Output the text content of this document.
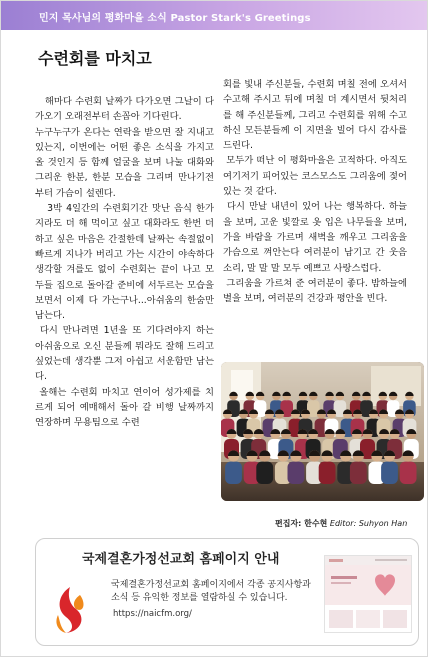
민지 목사님의 평화마을 소식 Pastor Stark's Greetings
수련회를 마치고

해마다 수련회 날짜가 다가오면 그날이 다가오기 오래전부터 손꼽아 기다린다.

누구누구가 온다는 연락을 받으면 잘 지내고 있는지, 이번에는 어떤 좋은 소식을 가지고 올 것인지 등 함께 얼굴을 보며 나눌 대화와 그리운 한분, 한분 모습을 그리며 만나기전부터 가슴이 설렌다.

3박 4일간의 수련회기간 맛난 음식 한가지라도 더 해 먹이고 싶고 대화라도 한번 더하고 싶은 마음은 간절한데 날짜는 속절없이 빠르게 지나가 버리고 가는 시간이 야속하다 생각할 겨를도 없이 수련회는 끝이 나고 모두들 집으로 돌아갈 준비에 서두르는 모습을 보면서 이제 다 가는구나...아쉬움의 한숨만 남는다.

다시 만나려면 1년을 또 기다려야지 하는 아쉬움으로 오신 분들께 뭐라도 잘해 드리고 싶었는데 생각뿐 그저 아쉽고 서운함만 남는다.

올해는 수련회 마치고 연이어 성가제를 치르게 되어 예매해서 돌아 갈 비행 날짜까지 연장하며 무용팀으로 수련

회를 빛내 주신분들, 수련회 며칠 전에 오셔서 수고해 주시고 뒤에 며칠 더 계시면서 뒷처리를 해 주신분들께, 그리고 수련회를 위해 수고하신 모든분들께 이 지면을 빌어 다시 감사를 드린다.

모두가 떠난 이 평화마을은 고적하다. 아직도 여기저기 피어있는 코스모스도 그리움에 젖어 있는 것 같다.

다시 만날 내년이 있어 나는 행복하다. 하늘을 보며, 고운 빛깔로 옷 입은 나무들을 보며, 가을 바람을 가르며 새벽을 깨우고 그리움을 가슴으로 껴안는다 여러분이 남기고 간 웃음소리, 말 말 말 모두 예쁘고 사랑스럽다.

그리움을 가르쳐 준 여러분이 좋다. 밤하늘에 별을 보며, 여러분의 건강과 평안을 빈다.

편집자: 한수현 Editor: Suhyon Han
국제결혼가정선교회 홈페이지 안내
국제결혼가정선교회 홈페이지에서 각종 공지사항과 소식 등 유익한 정보를 열람하실 수 있습니다.
https://naicfm.org/
